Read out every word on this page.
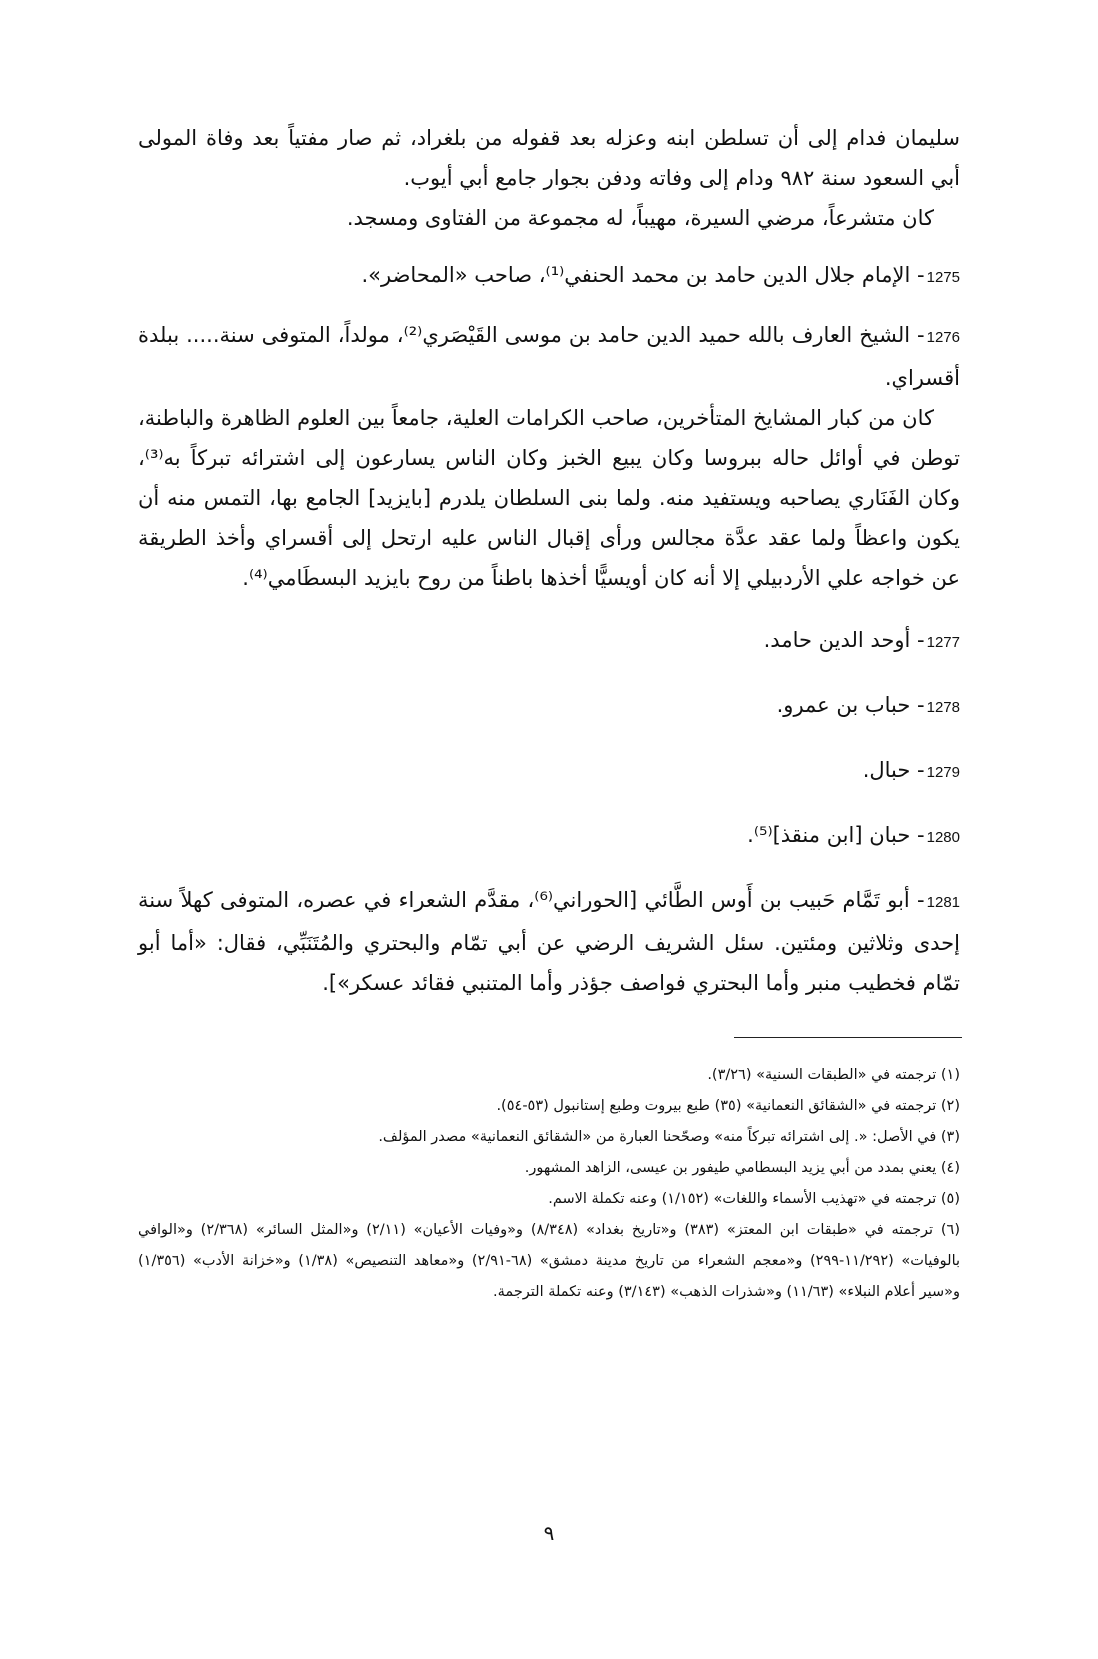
سليمان فدام إلى أن تسلطن ابنه وعزله بعد قفوله من بلغراد، ثم صار مفتياً بعد وفاة المولى أبي السعود سنة ٩٨٢ ودام إلى وفاته ودفن بجوار جامع أبي أيوب.

كان متشرعاً، مرضي السيرة، مهيباً، له مجموعة من الفتاوى ومسجد.

1275- الإمام جلال الدين حامد بن محمد الحنفي⁽¹⁾، صاحب «المحاضر».

1276- الشيخ العارف بالله حميد الدين حامد بن موسى القَيْصَري⁽²⁾، مولداً، المتوفى سنة..... ببلدة أقسراي.

كان من كبار المشايخ المتأخرين، صاحب الكرامات العلية، جامعاً بين العلوم الظاهرة والباطنة، توطن في أوائل حاله ببروسا وكان يبيع الخبز وكان الناس يسارعون إلى اشترائه تبركاً به⁽³⁾، وكان الفَنَاري يصاحبه ويستفيد منه. ولما بنى السلطان يلدرم [بايزيد] الجامع بها، التمس منه أن يكون واعظاً ولما عقد عدَّة مجالس ورأى إقبال الناس عليه ارتحل إلى أقسراي وأخذ الطريقة عن خواجه علي الأردبيلي إلا أنه كان أويسيًّا أخذها باطناً من روح بايزيد البسطَامي⁽⁴⁾.

1277- أوحد الدين حامد.

1278- حباب بن عمرو.

1279- حبال.

1280- حبان [ابن منقذ]⁽⁵⁾.

1281- أبو تَمَّام حَبيب بن أَوس الطَّائي [الحوراني⁽⁶⁾، مقدَّم الشعراء في عصره، المتوفى كهلاً سنة إحدى وثلاثين ومئتين. سئل الشريف الرضي عن أبي تمّام والبحتري والمُتَنَبِّي، فقال: «أما أبو تمّام فخطيب منبر وأما البحتري فواصف جؤذر وأما المتنبي فقائد عسكر»].

(١) ترجمته في «الطبقات السنية» (٣/٢٦).

(٢) ترجمته في «الشقائق النعمانية» (٣٥) طبع بيروت وطبع إستانبول (٥٣-٥٤).

(٣) في الأصل: «. إلى اشترائه تبركاً منه» وصحّحنا العبارة من «الشقائق النعمانية» مصدر المؤلف.

(٤) يعني بمدد من أبي يزيد البسطامي طيفور بن عيسى، الزاهد المشهور.

(٥) ترجمته في «تهذيب الأسماء واللغات» (١/١٥٢) وعنه تكملة الاسم.

(٦) ترجمته في «طبقات ابن المعتز» (٣٨٣) و«تاريخ بغداد» (٨/٣٤٨) و«وفيات الأعيان» (٢/١١) و«المثل السائر» (٢/٣٦٨) و«الوافي بالوفيات» (١١/٢٩٢-٢٩٩) و«معجم الشعراء من تاريخ مدينة دمشق» (٦٨-٢/٩١) و«معاهد التنصيص» (١/٣٨) و«خزانة الأدب» (١/٣٥٦) و«سير أعلام النبلاء» (١١/٦٣) و«شذرات الذهب» (٣/١٤٣) وعنه تكملة الترجمة.

٩
